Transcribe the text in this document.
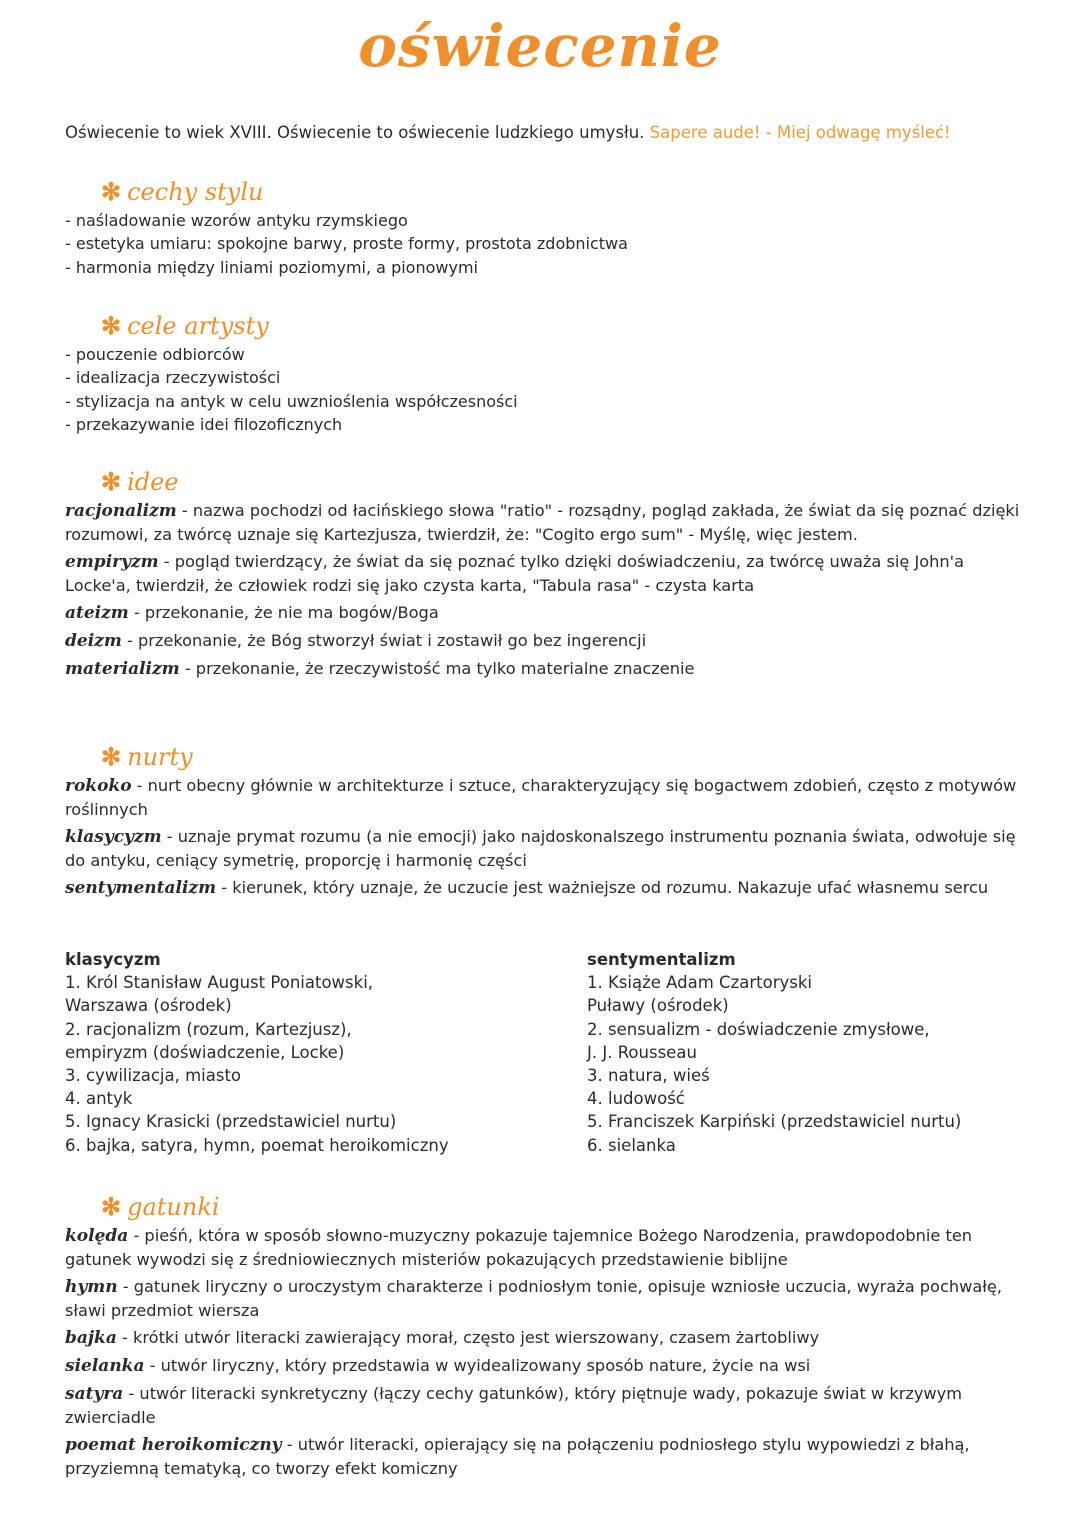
oświecenie
Oświecenie to wiek XVIII. Oświecenie to oświecenie ludzkiego umysłu. Sapere aude! - Miej odwagę myśleć!
✻ cechy stylu
- naśladowanie wzorów antyku rzymskiego
- estetyka umiaru: spokojne barwy, proste formy, prostota zdobnictwa
- harmonia między liniami poziomymi, a pionowymi
✻ cele artysty
- pouczenie odbiorców
- idealizacja rzeczywistości
- stylizacja na antyk w celu uwznioślenia współczesności
- przekazywanie idei filozoficznych
✻ idee

racjonalizm - nazwa pochodzi od łacińskiego słowa "ratio" - rozsądny, pogląd zakłada, że świat da się poznać dzięki rozumowi, za twórcę uznaje się Kartezjusza, twierdził, że: "Cogito ergo sum" - Myślę, więc jestem.

empiryzm - pogląd twierdzący, że świat da się poznać tylko dzięki doświadczeniu, za twórcę uważa się John'a Locke'a, twierdził, że człowiek rodzi się jako czysta karta, "Tabula rasa" - czysta karta

ateizm - przekonanie, że nie ma bogów/Boga

deizm - przekonanie, że Bóg stworzył świat i zostawił go bez ingerencji

materializm - przekonanie, że rzeczywistość ma tylko materialne znaczenie

✻ nurty

rokoko - nurt obecny głównie w architekturze i sztuce, charakteryzujący się bogactwem zdobień, często z motywów roślinnych

klasycyzm - uznaje prymat rozumu (a nie emocji) jako najdoskonalszego instrumentu poznania świata, odwołuje się do antyku, ceniący symetrię, proporcję i harmonię części

sentymentalizm - kierunek, który uznaje, że uczucie jest ważniejsze od rozumu. Nakazuje ufać własnemu sercu

klasycyzm
1. Król Stanisław August Poniatowski,
Warszawa (ośrodek)
2. racjonalizm (rozum, Kartezjusz),
empiryzm (doświadczenie, Locke)
3. cywilizacja, miasto
4. antyk
5. Ignacy Krasicki (przedstawiciel nurtu)
6. bajka, satyra, hymn, poemat heroikomiczny
sentymentalizm
1. Książe Adam Czartoryski
Puławy (ośrodek)
2. sensualizm - doświadczenie zmysłowe,
J. J. Rousseau
3. natura, wieś
4. ludowość
5. Franciszek Karpiński (przedstawiciel nurtu)
6. sielanka
✻ gatunki

kolęda - pieśń, która w sposób słowno-muzyczny pokazuje tajemnice Bożego Narodzenia, prawdopodobnie ten gatunek wywodzi się z średniowiecznych misteriów pokazujących przedstawienie biblijne

hymn - gatunek liryczny o uroczystym charakterze i podniosłym tonie, opisuje wzniosłe uczucia, wyraża pochwałę, sławi przedmiot wiersza

bajka - krótki utwór literacki zawierający morał, często jest wierszowany, czasem żartobliwy

sielanka - utwór liryczny, który przedstawia w wyidealizowany sposób nature, życie na wsi

satyra - utwór literacki synkretyczny (łączy cechy gatunków), który piętnuje wady, pokazuje świat w krzywym zwierciadle

poemat heroikomiczny - utwór literacki, opierający się na połączeniu podniosłego stylu wypowiedzi z błahą, przyziemną tematyką, co tworzy efekt komiczny
